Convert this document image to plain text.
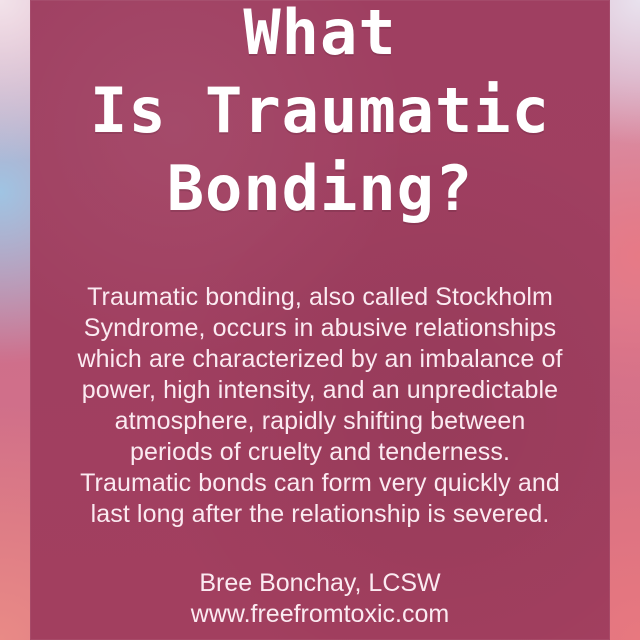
What
Is Traumatic
Bonding?
Traumatic bonding, also called Stockholm
Syndrome, occurs in abusive relationships
which are characterized by an imbalance of
power, high intensity, and an unpredictable
atmosphere, rapidly shifting between
periods of cruelty and tenderness.
Traumatic bonds can form very quickly and
last long after the relationship is severed.
Bree Bonchay, LCSW
www.freefromtoxic.com
